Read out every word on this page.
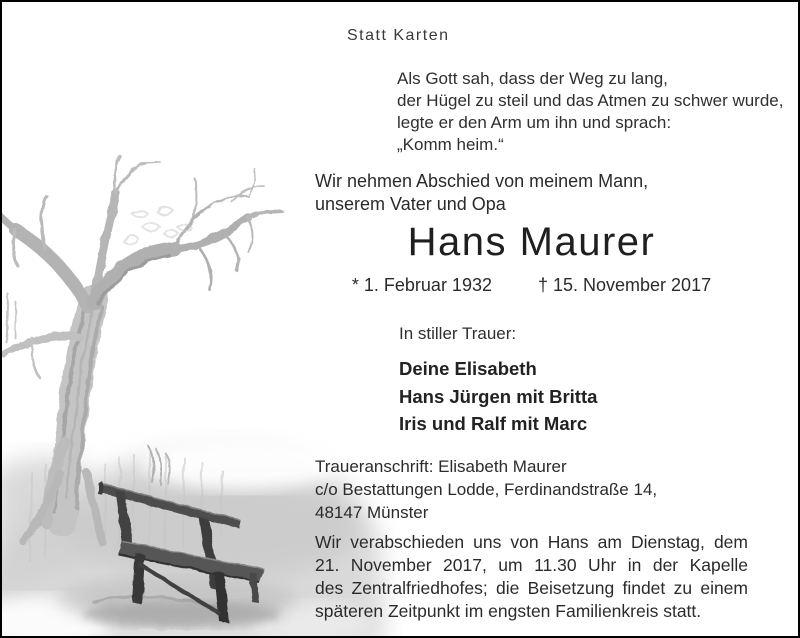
Statt Karten
Als Gott sah, dass der Weg zu lang,
der Hügel zu steil und das Atmen zu schwer wurde,
legte er den Arm um ihn und sprach:
„Komm heim.“
Wir nehmen Abschied von meinem Mann,
unserem Vater und Opa
Hans Maurer
* 1. Februar 1932	† 15. November 2017
In stiller Trauer:
Deine Elisabeth
Hans Jürgen mit Britta
Iris und Ralf mit Marc
Traueranschrift: Elisabeth Maurer
c/o Bestattungen Lodde, Ferdinandstraße 14,
48147 Münster
Wir verabschieden uns von Hans am Dienstag, dem
21. November 2017, um 11.30 Uhr in der Kapelle
des Zentralfriedhofes; die Beisetzung findet zu einem
späteren Zeitpunkt im engsten Familienkreis statt.
